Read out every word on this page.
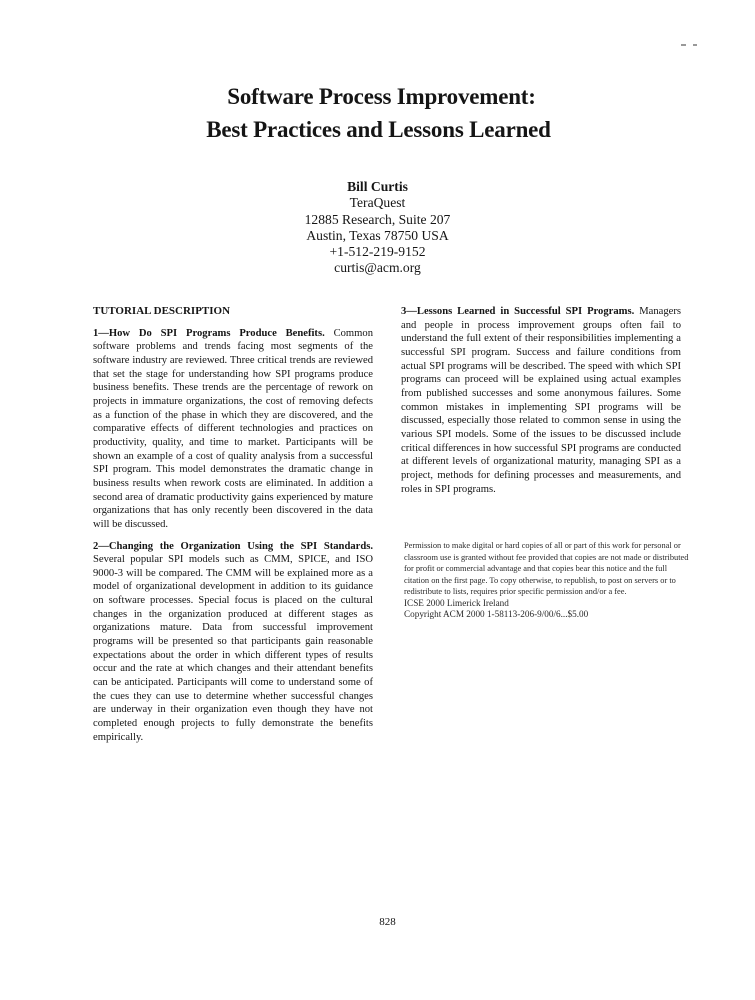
Software Process Improvement:
Best Practices and Lessons Learned
Bill Curtis
TeraQuest
12885 Research, Suite 207
Austin, Texas 78750 USA
+1-512-219-9152
curtis@acm.org
TUTORIAL DESCRIPTION

1—How Do SPI Programs Produce Benefits. Common software problems and trends facing most segments of the software industry are reviewed. Three critical trends are reviewed that set the stage for understanding how SPI programs produce business benefits. These trends are the percentage of rework on projects in immature organizations, the cost of removing defects as a function of the phase in which they are discovered, and the comparative effects of different technologies and practices on productivity, quality, and time to market. Participants will be shown an example of a cost of quality analysis from a successful SPI program. This model demonstrates the dramatic change in business results when rework costs are eliminated. In addition a second area of dramatic productivity gains experienced by mature organizations that has only recently been discovered in the data will be discussed.

2—Changing the Organization Using the SPI Standards. Several popular SPI models such as CMM, SPICE, and ISO 9000-3 will be compared. The CMM will be explained more as a model of organizational development in addition to its guidance on software processes. Special focus is placed on the cultural changes in the organization produced at different stages as organizations mature. Data from successful improvement programs will be presented so that participants gain reasonable expectations about the order in which different types of results occur and the rate at which changes and their attendant benefits can be anticipated. Participants will come to understand some of the cues they can use to determine whether successful changes are underway in their organization even though they have not completed enough projects to fully demonstrate the benefits empirically.

3—Lessons Learned in Successful SPI Programs. Managers and people in process improvement groups often fail to understand the full extent of their responsibilities implementing a successful SPI program. Success and failure conditions from actual SPI programs will be described. The speed with which SPI programs can proceed will be explained using actual examples from published successes and some anonymous failures. Some common mistakes in implementing SPI programs will be discussed, especially those related to common sense in using the various SPI models. Some of the issues to be discussed include critical differences in how successful SPI programs are conducted at different levels of organizational maturity, managing SPI as a project, methods for defining processes and measurements, and roles in SPI programs.

Permission to make digital or hard copies of all or part of this work for personal or classroom use is granted without fee provided that copies are not made or distributed for profit or commercial advantage and that copies bear this notice and the full citation on the first page. To copy otherwise, to republish, to post on servers or to redistribute to lists, requires prior specific permission and/or a fee.
ICSE 2000 Limerick Ireland
Copyright ACM 2000 1-58113-206-9/00/6...$5.00
828
